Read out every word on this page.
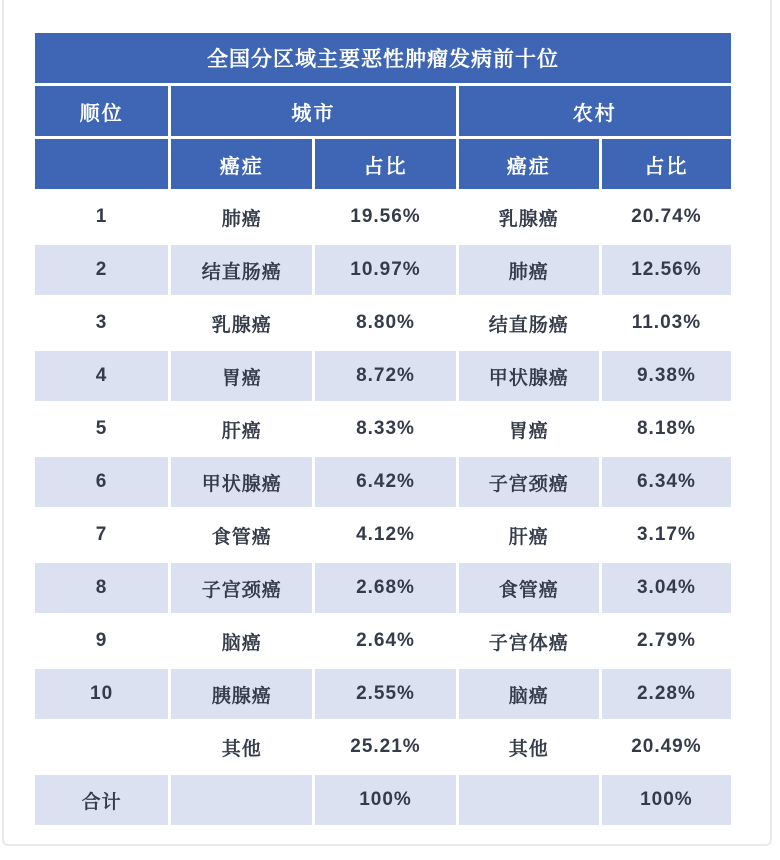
全国分区域主要恶性肿瘤发病前十位				
顺位	城市		农村	
	癌症	占比	癌症	占比
1	肺癌	19.56%	乳腺癌	20.74%
2	结直肠癌	10.97%	肺癌	12.56%
3	乳腺癌	8.80%	结直肠癌	11.03%
4	胃癌	8.72%	甲状腺癌	9.38%
5	肝癌	8.33%	胃癌	8.18%
6	甲状腺癌	6.42%	子宫颈癌	6.34%
7	食管癌	4.12%	肝癌	3.17%
8	子宫颈癌	2.68%	食管癌	3.04%
9	脑癌	2.64%	子宫体癌	2.79%
10	胰腺癌	2.55%	脑癌	2.28%
	其他	25.21%	其他	20.49%
合计		100%		100%
